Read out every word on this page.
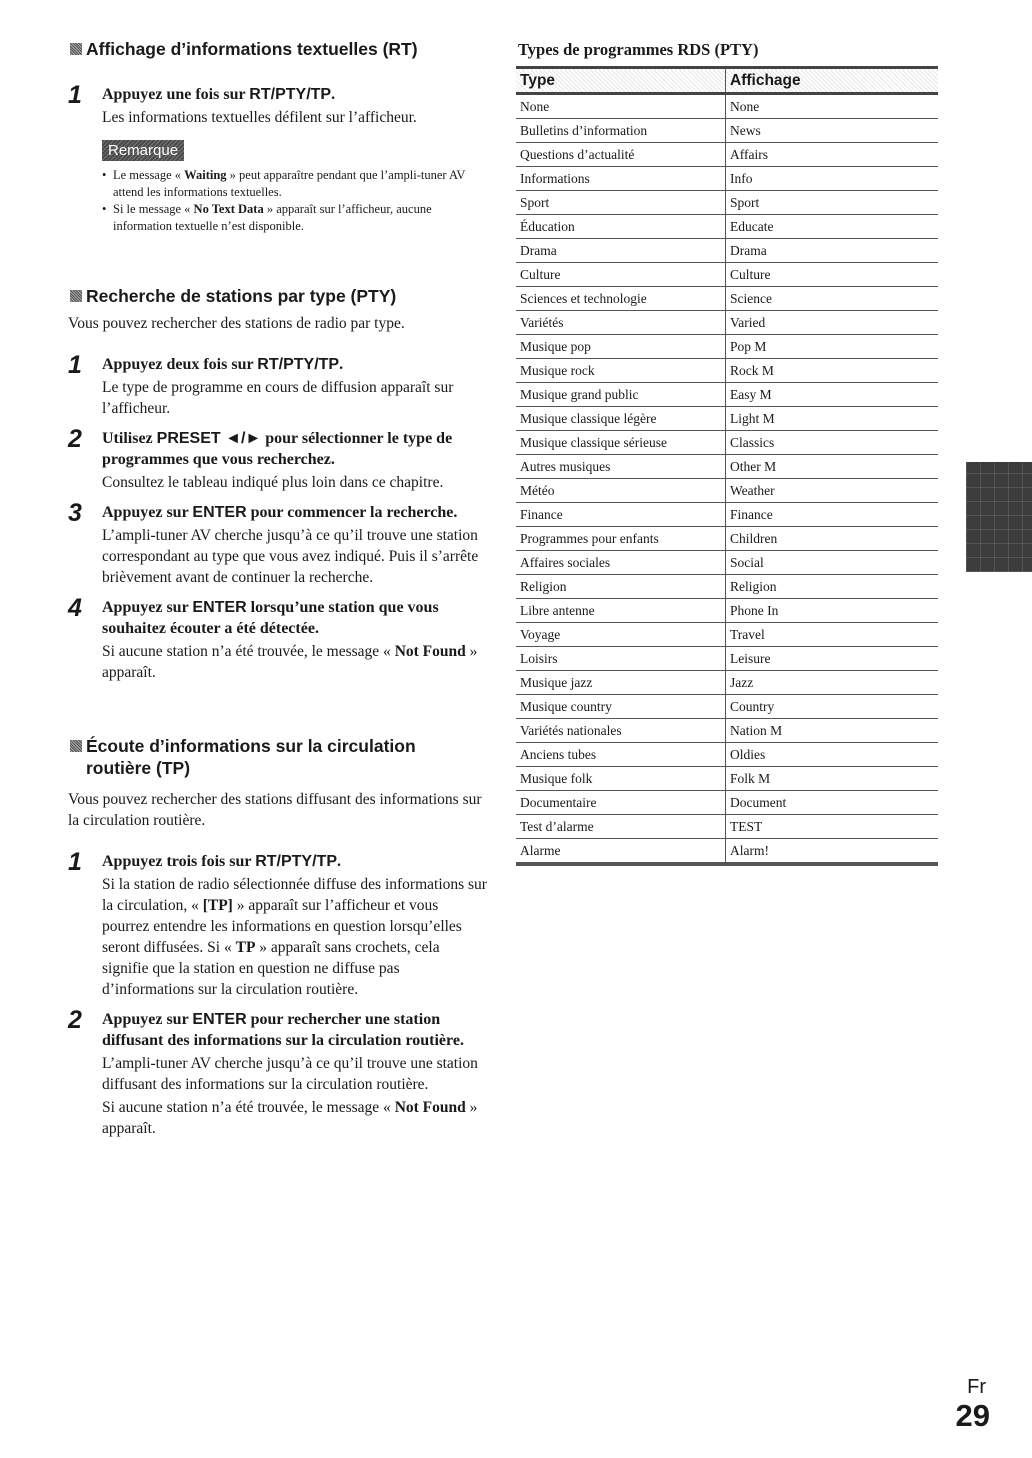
Affichage d’informations textuelles (RT)
1 Appuyez une fois sur RT/PTY/TP.
Les informations textuelles défilent sur l’afficheur.
Remarque
• Le message « Waiting » peut apparaître pendant que l’ampli-tuner AV attend les informations textuelles.
• Si le message « No Text Data » apparaît sur l’afficheur, aucune information textuelle n’est disponible.
Recherche de stations par type (PTY)

Vous pouvez rechercher des stations de radio par type.

1 Appuyez deux fois sur RT/PTY/TP.
Le type de programme en cours de diffusion apparaît sur l’afficheur.
2 Utilisez PRESET ◄/► pour sélectionner le type de programmes que vous recherchez.
Consultez le tableau indiqué plus loin dans ce chapitre.
3 Appuyez sur ENTER pour commencer la recherche.
L’ampli-tuner AV cherche jusqu’à ce qu’il trouve une station correspondant au type que vous avez indiqué. Puis il s’arrête brièvement avant de continuer la recherche.
4 Appuyez sur ENTER lorsqu’une station que vous souhaitez écouter a été détectée.
Si aucune station n’a été trouvée, le message « Not Found » apparaît.
Écoute d’informations sur la circulation
routière (TP)

Vous pouvez rechercher des stations diffusant des informations sur la circulation routière.

1 Appuyez trois fois sur RT/PTY/TP.
Si la station de radio sélectionnée diffuse des informations sur la circulation, « [TP] » apparaît sur l’afficheur et vous pourrez entendre les informations en question lorsqu’elles seront diffusées. Si « TP » apparaît sans crochets, cela signifie que la station en question ne diffuse pas d’informations sur la circulation routière.
2 Appuyez sur ENTER pour rechercher une station diffusant des informations sur la circulation routière.
L’ampli-tuner AV cherche jusqu’à ce qu’il trouve une station diffusant des informations sur la circulation routière.
Si aucune station n’a été trouvée, le message « Not Found » apparaît.
Types de programmes RDS (PTY)
Type	Affichage
None	None
Bulletins d’information	News
Questions d’actualité	Affairs
Informations	Info
Sport	Sport
Éducation	Educate
Drama	Drama
Culture	Culture
Sciences et technologie	Science
Variétés	Varied
Musique pop	Pop M
Musique rock	Rock M
Musique grand public	Easy M
Musique classique légère	Light M
Musique classique sérieuse	Classics
Autres musiques	Other M
Météo	Weather
Finance	Finance
Programmes pour enfants	Children
Affaires sociales	Social
Religion	Religion
Libre antenne	Phone In
Voyage	Travel
Loisirs	Leisure
Musique jazz	Jazz
Musique country	Country
Variétés nationales	Nation M
Anciens tubes	Oldies
Musique folk	Folk M
Documentaire	Document
Test d’alarme	TEST
Alarme	Alarm!
Fr
29
